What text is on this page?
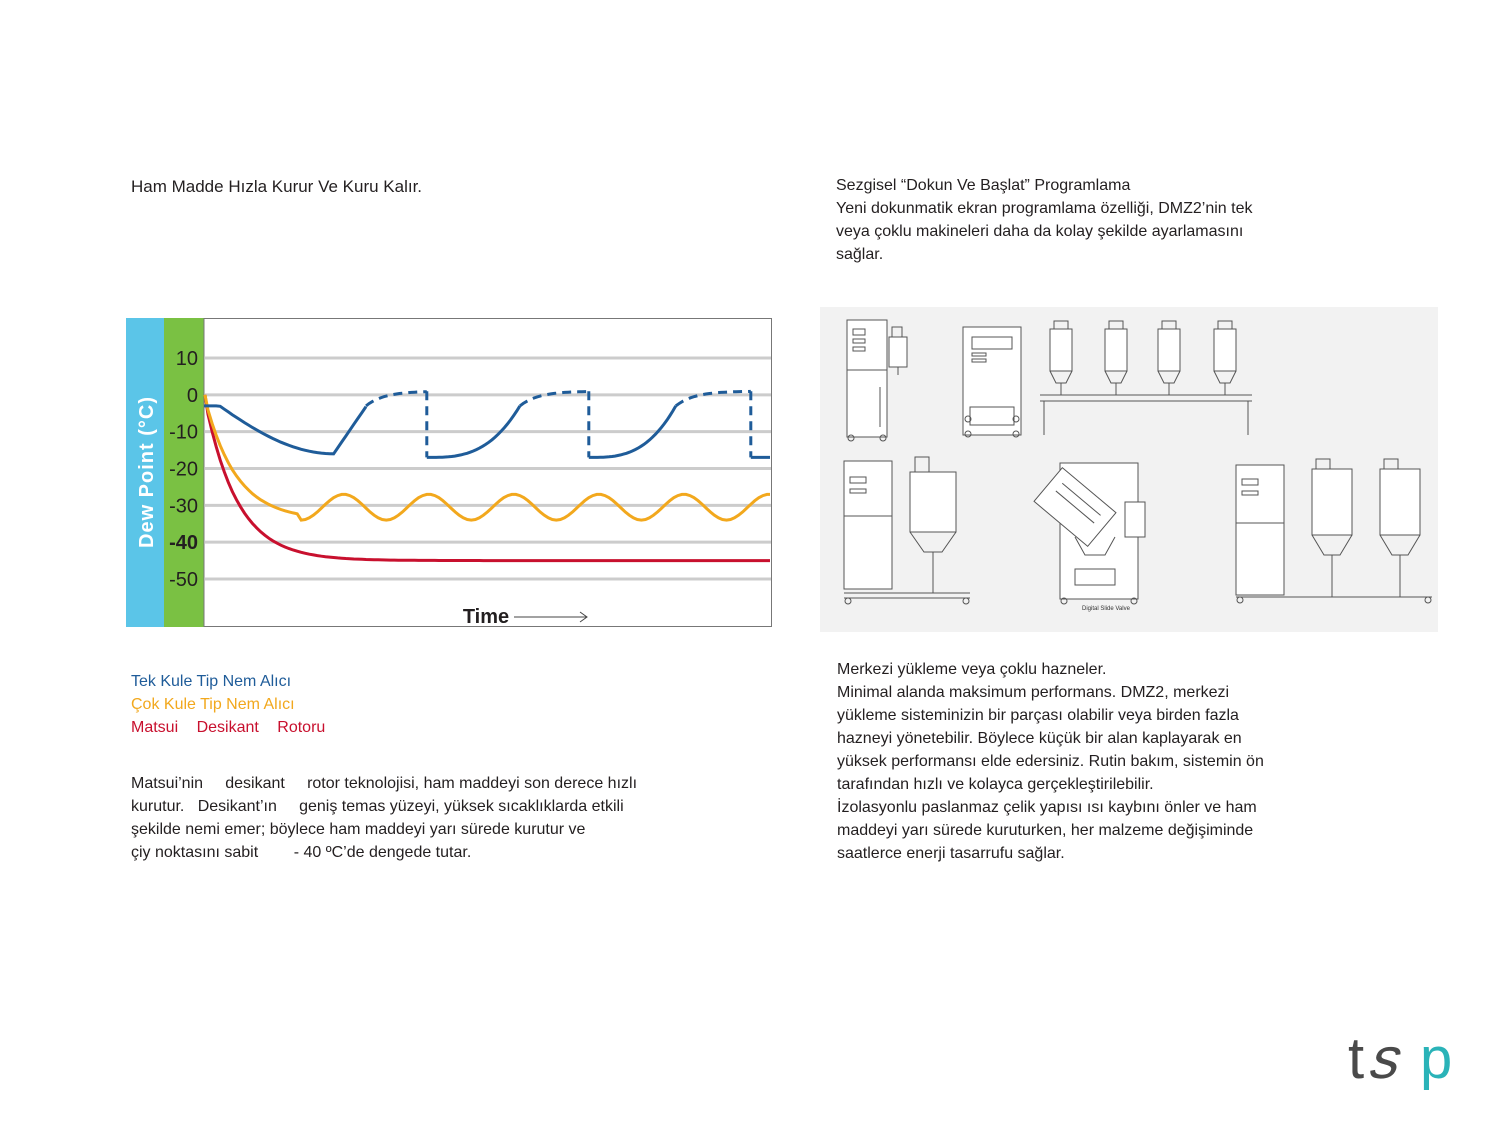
Ham Madde Hızla Kurur Ve Kuru Kalır.
Dew Point (°C)
10
0
-10
-20
-30
-40
-50
Time
Tek Kule Tip Nem Alıcı
Çok Kule Tip Nem Alıcı
Matsui Desikant Rotoru
Matsui’nin     desikant     rotor teknolojisi, ham maddeyi son derece hızlı
kurutur.   Desikant’ın     geniş temas yüzeyi, yüksek sıcaklıklarda etkili
şekilde nemi emer; böylece ham maddeyi yarı sürede kurutur ve
çiy noktasını sabit        - 40 ºC’de dengede tutar.
Sezgisel “Dokun Ve Başlat” Programlama
Yeni dokunmatik ekran programlama özelliği, DMZ2’nin tek
veya çoklu makineleri daha da kolay şekilde ayarlamasını
sağlar.
Digital Slide Valve
Merkezi yükleme veya çoklu hazneler.
Minimal alanda maksimum performans. DMZ2, merkezi
yükleme sisteminizin bir parçası olabilir veya birden fazla
hazneyi yönetebilir. Böylece küçük bir alan kaplayarak en
yüksek performansı elde edersiniz. Rutin bakım, sistemin ön
tarafından hızlı ve kolayca gerçekleştirilebilir.
İzolasyonlu paslanmaz çelik yapısı ısı kaybını önler ve ham
maddeyi yarı sürede kuruturken, her malzeme değişiminde
saatlerce enerji tasarrufu sağlar.
t
s p
